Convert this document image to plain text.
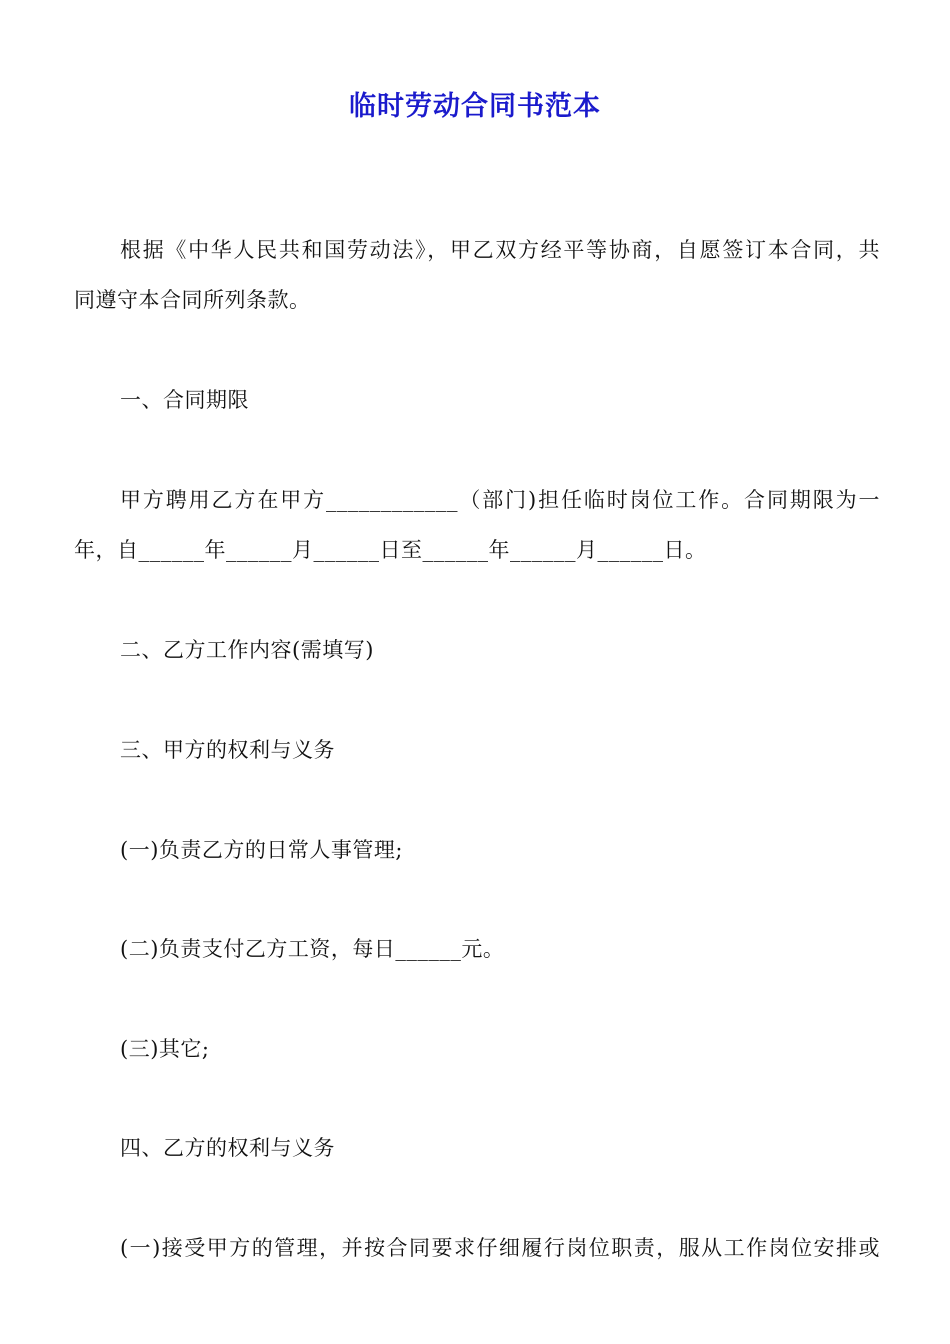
临时劳动合同书范本
根据《中华人民共和国劳动法》，甲乙双方经平等协商，自愿签订本合同，共
同遵守本合同所列条款。
一、合同期限
甲方聘用乙方在甲方____________（部门)担任临时岗位工作。合同期限为一
年，自______年______月______日至______年______月______日。
二、乙方工作内容(需填写)
三、甲方的权利与义务
(一)负责乙方的日常人事管理;
(二)负责支付乙方工资，每日______元。
(三)其它;
四、乙方的权利与义务
(一)接受甲方的管理，并按合同要求仔细履行岗位职责，服从工作岗位安排或
